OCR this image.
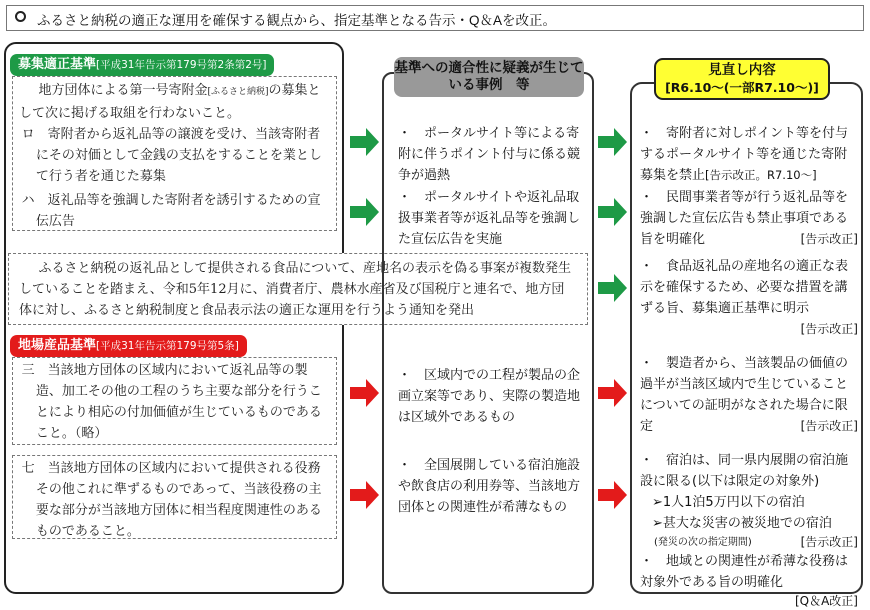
ふるさと納税の適正な運用を確保する観点から、指定基準となる告示・Q＆Aを改正。
募集適正基準[平成31年告示第179号第2条第2号]

地方団体による第一号寄附金[ふるさと納税]の募集として次に掲げる取組を行わないこと。

ロ　 寄附者から返礼品等の譲渡を受け、当該寄附者にその対価として金銭の支払をすることを業として行う者を通じた募集

ハ　 返礼品等を強調した寄附者を誘引するための宣伝広告

ふるさと納税の返礼品として提供される食品について、産地名の表示を偽る事案が複数発生していることを踏まえ、令和5年12月に、消費者庁、農林水産省及び国税庁と連名で、地方団体に対し、ふるさと納税制度と食品表示法の適正な運用を行うよう通知を発出

地場産品基準[平成31年告示第179号第5条]

三　 当該地方団体の区域内において返礼品等の製造、加工その他の工程のうち主要な部分を行うことにより相応の付加価値が生じているものであること。（略）

七　 当該地方団体の区域内において提供される役務その他これに準ずるものであって、当該役務の主要な部分が当該地方団体に相当程度関連性のあるものであること。

基準への適合性に疑義が生じている事例　等
・　ポータルサイト等による寄附に伴うポイント付与に係る競争が過熱
・　ポータルサイトや返礼品取扱事業者等が返礼品等を強調した宣伝広告を実施
・　区域内での工程が製品の企画立案等であり、実際の製造地は区域外であるもの
・　全国展開している宿泊施設や飲食店の利用券等、当該地方団体との関連性が希薄なもの
見直し内容
[R6.10～(一部R7.10～)]
・　寄附者に対しポイント等を付与するポータルサイト等を通じた寄附募集を禁止[告示改正。R7.10～]
・　民間事業者等が行う返礼品等を強調した宣伝広告も禁止事項である旨を明確化	[告示改正]
・　食品返礼品の産地名の適正な表示を確保するため、必要な措置を講ずる旨、募集適正基準に明示
[告示改正]
・　製造者から、当該製品の価値の過半が当該区域内で生じていることについての証明がなされた場合に限定	[告示改正]
・　宿泊は、同一県内展開の宿泊施設に限る(以下は限定の対象外)
➢1人1泊5万円以下の宿泊
➢甚大な災害の被災地での宿泊
(発災の次の指定期間)	[告示改正]
・　地域との関連性が希薄な役務は対象外である旨の明確化
[Q＆A改正]
